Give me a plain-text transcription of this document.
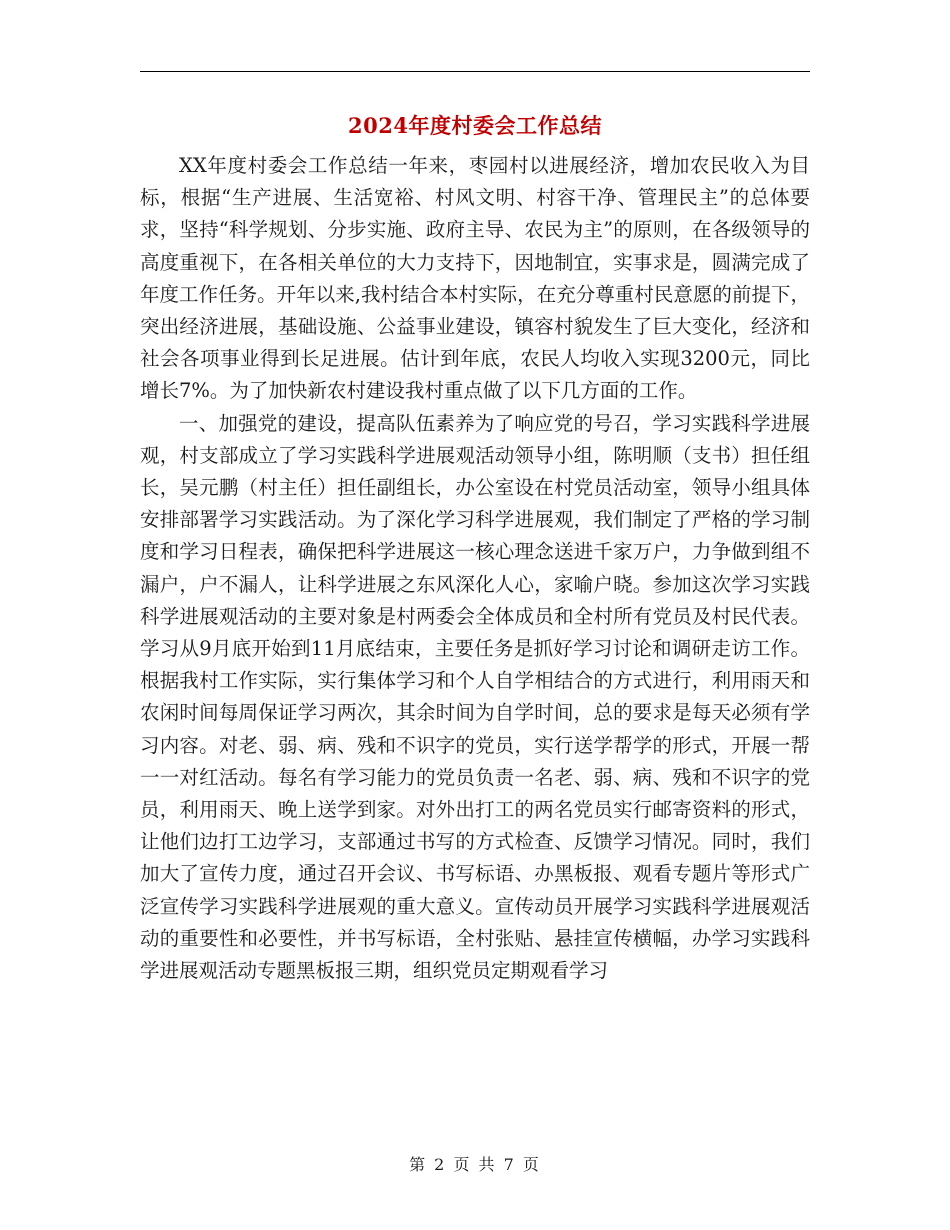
2024年度村委会工作总结

XX年度村委会工作总结一年来，枣园村以进展经济，增加农民收入为目标，根据“生产进展、生活宽裕、村风文明、村容干净、管理民主”的总体要求，坚持“科学规划、分步实施、政府主导、农民为主”的原则，在各级领导的高度重视下，在各相关单位的大力支持下，因地制宜，实事求是，圆满完成了年度工作任务。开年以来,我村结合本村实际，在充分尊重村民意愿的前提下，突出经济进展，基础设施、公益事业建设，镇容村貌发生了巨大变化，经济和社会各项事业得到长足进展。估计到年底，农民人均收入实现3200元，同比增长7%。为了加快新农村建设我村重点做了以下几方面的工作。

一、加强党的建设，提高队伍素养为了响应党的号召，学习实践科学进展观，村支部成立了学习实践科学进展观活动领导小组，陈明顺（支书）担任组长，吴元鹏（村主任）担任副组长，办公室设在村党员活动室，领导小组具体安排部署学习实践活动。为了深化学习科学进展观，我们制定了严格的学习制度和学习日程表，确保把科学进展这一核心理念送进千家万户，力争做到组不漏户，户不漏人，让科学进展之东风深化人心，家喻户晓。参加这次学习实践科学进展观活动的主要对象是村两委会全体成员和全村所有党员及村民代表。学习从9月底开始到11月底结束，主要任务是抓好学习讨论和调研走访工作。根据我村工作实际，实行集体学习和个人自学相结合的方式进行，利用雨天和农闲时间每周保证学习两次，其余时间为自学时间，总的要求是每天必须有学习内容。对老、弱、病、残和不识字的党员，实行送学帮学的形式，开展一帮一一对红活动。每名有学习能力的党员负责一名老、弱、病、残和不识字的党员，利用雨天、晚上送学到家。对外出打工的两名党员实行邮寄资料的形式，让他们边打工边学习，支部通过书写的方式检查、反馈学习情况。同时，我们加大了宣传力度，通过召开会议、书写标语、办黑板报、观看专题片等形式广泛宣传学习实践科学进展观的重大意义。宣传动员开展学习实践科学进展观活动的重要性和必要性，并书写标语，全村张贴、悬挂宣传横幅，办学习实践科学进展观活动专题黑板报三期，组织党员定期观看学习

第 2 页 共 7 页
